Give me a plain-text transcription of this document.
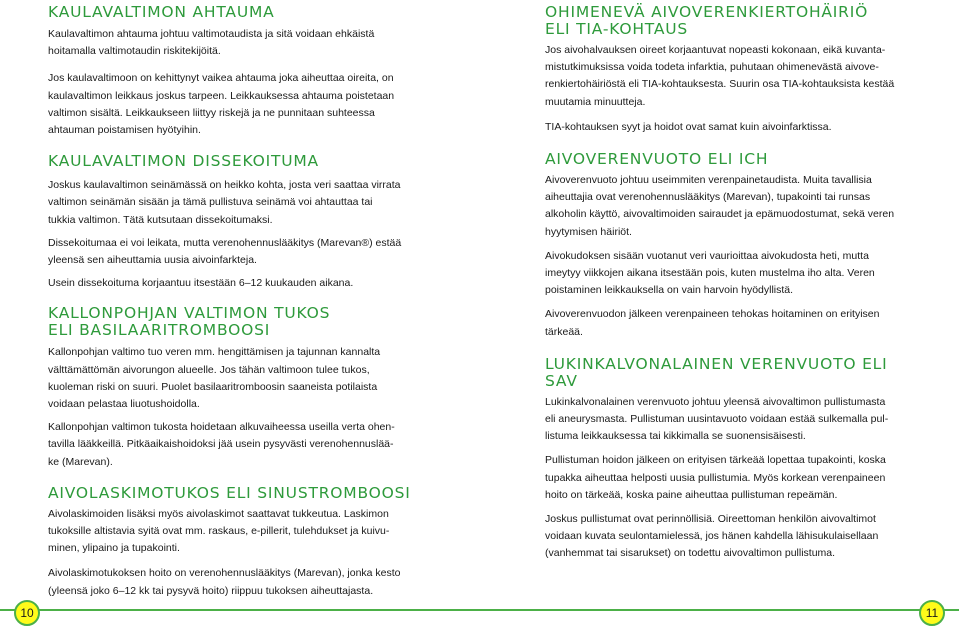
KAULAVALTIMON AHTAUMA

Kaulavaltimon ahtauma johtuu valtimotaudista ja sitä voidaan ehkäistä
hoitamalla valtimotaudin riskitekijöitä.

Jos kaulavaltimoon on kehittynyt vaikea ahtauma joka aiheuttaa oireita, on
kaulavaltimon leikkaus joskus tarpeen. Leikkauksessa ahtauma poistetaan
valtimon sisältä. Leikkaukseen liittyy riskejä ja ne punnitaan suhteessa
ahtauman poistamisen hyötyihin.

KAULAVALTIMON DISSEKOITUMA

Joskus kaulavaltimon seinämässä on heikko kohta, josta veri saattaa virrata
valtimon seinämän sisään ja tämä pullistuva seinämä voi ahtauttaa tai
tukkia valtimon. Tätä kutsutaan dissekoitumaksi.

Dissekoitumaa ei voi leikata, mutta verenohennuslääkitys (Marevan®) estää
yleensä sen aiheuttamia uusia aivoinfarkteja.

Usein dissekoituma korjaantuu itsestään 6–12 kuukauden aikana.

KALLONPOHJAN VALTIMON TUKOS
ELI BASILAARITROMBOOSI

Kallonpohjan valtimo tuo veren mm. hengittämisen ja tajunnan kannalta
välttämättömän aivorungon alueelle. Jos tähän valtimoon tulee tukos,
kuoleman riski on suuri. Puolet basilaaritromboosin saaneista potilaista
voidaan pelastaa liuotushoidolla.

Kallonpohjan valtimon tukosta hoidetaan alkuvaiheessa useilla verta ohen-
tavilla lääkkeillä. Pitkäaikaishoidoksi jää usein pysyvästi verenohennuslää-
ke (Marevan).

AIVOLASKIMOTUKOS ELI SINUSTROMBOOSI

Aivolaskimoiden lisäksi myös aivolaskimot saattavat tukkeutua. Laskimon
tukoksille altistavia syitä ovat mm. raskaus, e-pillerit, tulehdukset ja kuivu-
minen, ylipaino ja tupakointi.

Aivolaskimotukoksen hoito on verenohennuslääkitys (Marevan), jonka kesto
(yleensä joko 6–12 kk tai pysyvä hoito) riippuu tukoksen aiheuttajasta.

OHIMENEVÄ AIVOVERENKIERTOHÄIRIÖ
ELI TIA-KOHTAUS

Jos aivohalvauksen oireet korjaantuvat nopeasti kokonaan, eikä kuvanta-
mistutkimuksissa voida todeta infarktia, puhutaan ohimenevästä aivove-
renkiertohäiriöstä eli TIA-kohtauksesta. Suurin osa TIA-kohtauksista kestää
muutamia minuutteja.

TIA-kohtauksen syyt ja hoidot ovat samat kuin aivoinfarktissa.

AIVOVERENVUOTO ELI ICH

Aivoverenvuoto johtuu useimmiten verenpainetaudista. Muita tavallisia
aiheuttajia ovat verenohennuslääkitys (Marevan), tupakointi tai runsas
alkoholin käyttö, aivovaltimoiden sairaudet ja epämuodostumat, sekä veren
hyytymisen häiriöt.

Aivokudoksen sisään vuotanut veri vaurioittaa aivokudosta heti, mutta
imeytyy viikkojen aikana itsestään pois, kuten mustelma iho alta. Veren
poistaminen leikkauksella on vain harvoin hyödyllistä.

Aivoverenvuodon jälkeen verenpaineen tehokas hoitaminen on erityisen
tärkeää.

LUKINKALVONALAINEN VERENVUOTO ELI SAV

Lukinkalvonalainen verenvuoto johtuu yleensä aivovaltimon pullistumasta
eli aneurysmasta. Pullistuman uusintavuoto voidaan estää sulkemalla pul-
listuma leikkauksessa tai kikkimalla se suonensisäisesti.

Pullistuman hoidon jälkeen on erityisen tärkeää lopettaa tupakointi, koska
tupakka aiheuttaa helposti uusia pullistumia. Myös korkean verenpaineen
hoito on tärkeää, koska paine aiheuttaa pullistuman repeämän.

Joskus pullistumat ovat perinnöllisiä. Oireettoman henkilön aivovaltimot
voidaan kuvata seulontamielessä, jos hänen kahdella lähisukulaisellaan
(vanhemmat tai sisarukset) on todettu aivovaltimon pullistuma.

10	11
